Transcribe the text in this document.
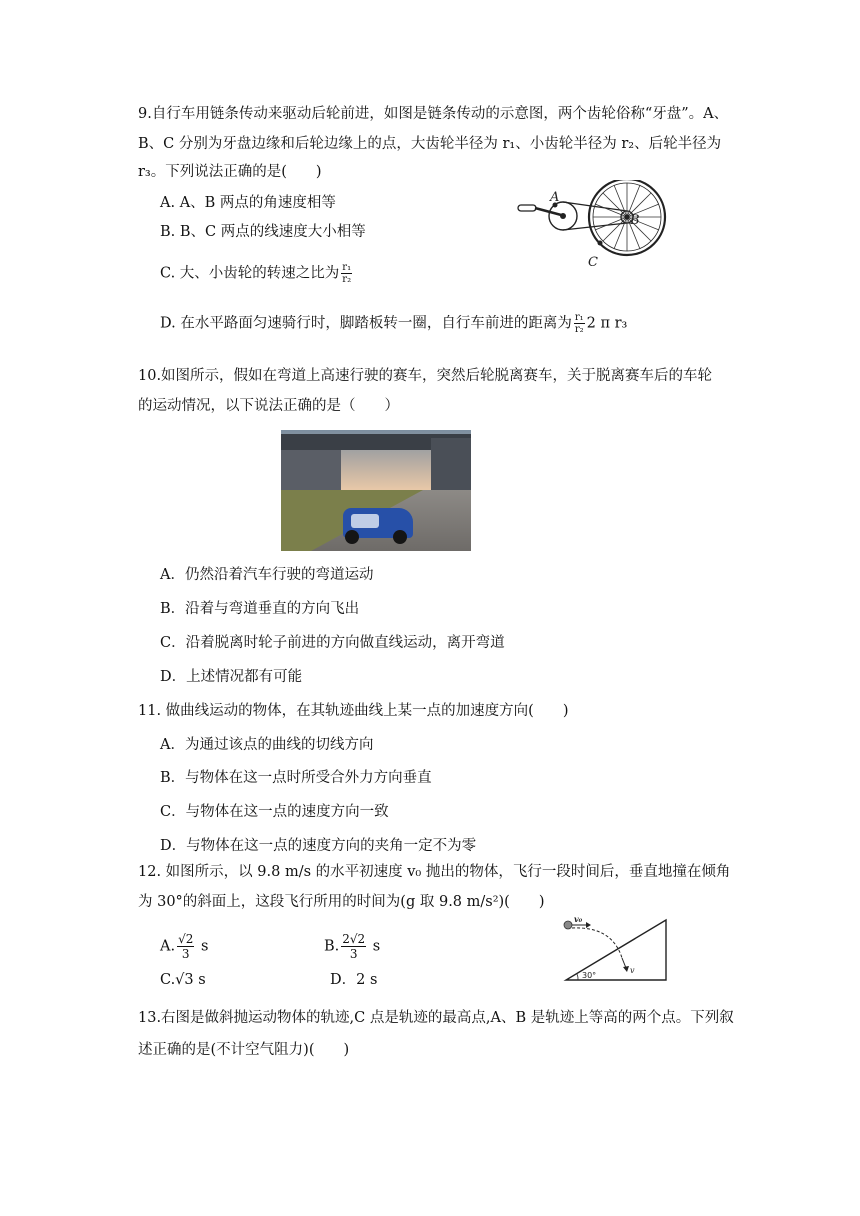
9.自行车用链条传动来驱动后轮前进，如图是链条传动的示意图，两个齿轮俗称“牙盘”。A、
B、C 分别为牙盘边缘和后轮边缘上的点，大齿轮半径为 r₁、小齿轮半径为 r₂、后轮半径为
r₃。下列说法正确的是(　　)
A. A、B 两点的角速度相等
B. B、C 两点的线速度大小相等
C. 大、小齿轮的转速之比为 $\frac{\text{r₁}}{\text{r₂}}$
D. 在水平路面匀速骑行时，脚踏板转一圈，自行车前进的距离为 $\frac{\text{r₁}}{\text{r₂}} 2$ π r₃
A
B
C
10.如图所示，假如在弯道上高速行驶的赛车，突然后轮脱离赛车，关于脱离赛车后的车轮
的运动情况，以下说法正确的是（　　）
A．仍然沿着汽车行驶的弯道运动
B．沿着与弯道垂直的方向飞出
C．沿着脱离时轮子前进的方向做直线运动，离开弯道
D．上述情况都有可能
11. 做曲线运动的物体，在其轨迹曲线上某一点的加速度方向(　　)
A．为通过该点的曲线的切线方向
B．与物体在这一点时所受合外力方向垂直
C．与物体在这一点的速度方向一致
D．与物体在这一点的速度方向的夹角一定不为零
12. 如图所示，以 9.8 m/s 的水平初速度 v₀ 抛出的物体，飞行一段时间后，垂直地撞在倾角
为 30°的斜面上，这段飞行所用的时间为(g 取 9.8 m/s²)(　　)
A. $\frac{√2}{3}$ s	B. $\frac{2√2}{3}$ s
C.√3 s	D．2 s
v₀
v
30°
13.右图是做斜抛运动物体的轨迹,C 点是轨迹的最高点,A、B 是轨迹上等高的两个点。下列叙
述正确的是(不计空气阻力)(　　)
